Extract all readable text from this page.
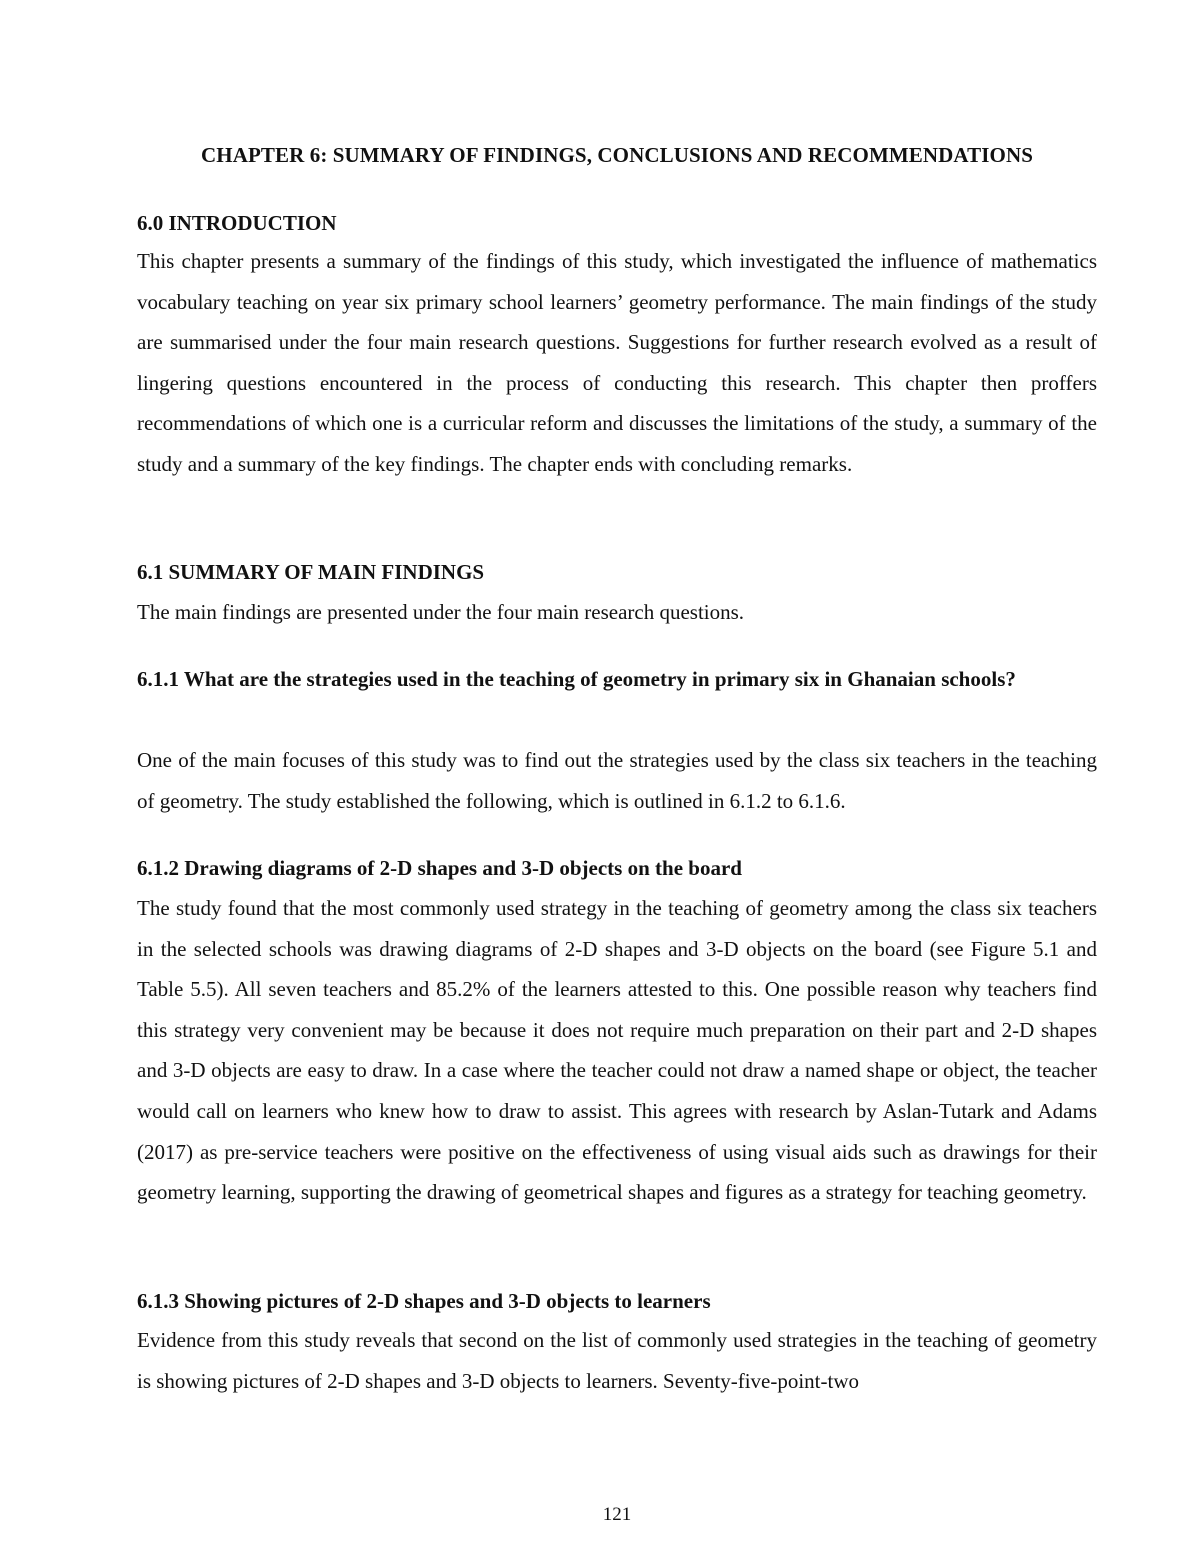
CHAPTER 6: SUMMARY OF FINDINGS, CONCLUSIONS AND RECOMMENDATIONS
6.0 INTRODUCTION

This chapter presents a summary of the findings of this study, which investigated the influence of mathematics vocabulary teaching on year six primary school learners’ geometry performance. The main findings of the study are summarised under the four main research questions. Suggestions for further research evolved as a result of lingering questions encountered in the process of conducting this research. This chapter then proffers recommendations of which one is a curricular reform and discusses the limitations of the study, a summary of the study and a summary of the key findings. The chapter ends with concluding remarks.

6.1 SUMMARY OF MAIN FINDINGS

The main findings are presented under the four main research questions.

6.1.1 What are the strategies used in the teaching of geometry in primary six in Ghanaian schools?

One of the main focuses of this study was to find out the strategies used by the class six teachers in the teaching of geometry. The study established the following, which is outlined in 6.1.2 to 6.1.6.

6.1.2 Drawing diagrams of 2-D shapes and 3-D objects on the board

The study found that the most commonly used strategy in the teaching of geometry among the class six teachers in the selected schools was drawing diagrams of 2-D shapes and 3-D objects on the board (see Figure 5.1 and Table 5.5). All seven teachers and 85.2% of the learners attested to this. One possible reason why teachers find this strategy very convenient may be because it does not require much preparation on their part and 2-D shapes and 3-D objects are easy to draw. In a case where the teacher could not draw a named shape or object, the teacher would call on learners who knew how to draw to assist. This agrees with research by Aslan-Tutark and Adams (2017) as pre-service teachers were positive on the effectiveness of using visual aids such as drawings for their geometry learning, supporting the drawing of geometrical shapes and figures as a strategy for teaching geometry.

6.1.3 Showing pictures of 2-D shapes and 3-D objects to learners

Evidence from this study reveals that second on the list of commonly used strategies in the teaching of geometry is showing pictures of 2-D shapes and 3-D objects to learners. Seventy-five-point-two

121
